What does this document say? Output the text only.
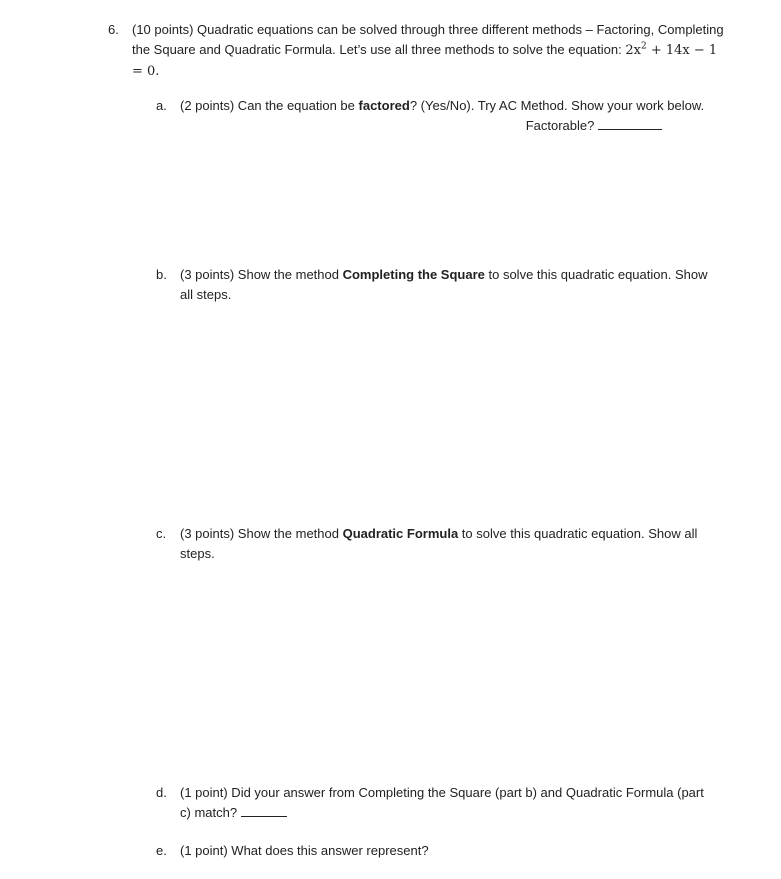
6. (10 points) Quadratic equations can be solved through three different methods – Factoring, Completing the Square and Quadratic Formula. Let’s use all three methods to solve the equation: $2x^2 + 14x - 1 = 0$.
a. (2 points) Can the equation be factored? (Yes/No). Try AC Method. Show your work below.
Factorable?
b. (3 points) Show the method Completing the Square to solve this quadratic equation. Show all steps.
c. (3 points) Show the method Quadratic Formula to solve this quadratic equation. Show all steps.
d. (1 point) Did your answer from Completing the Square (part b) and Quadratic Formula (part c) match?
e. (1 point) What does this answer represent?
